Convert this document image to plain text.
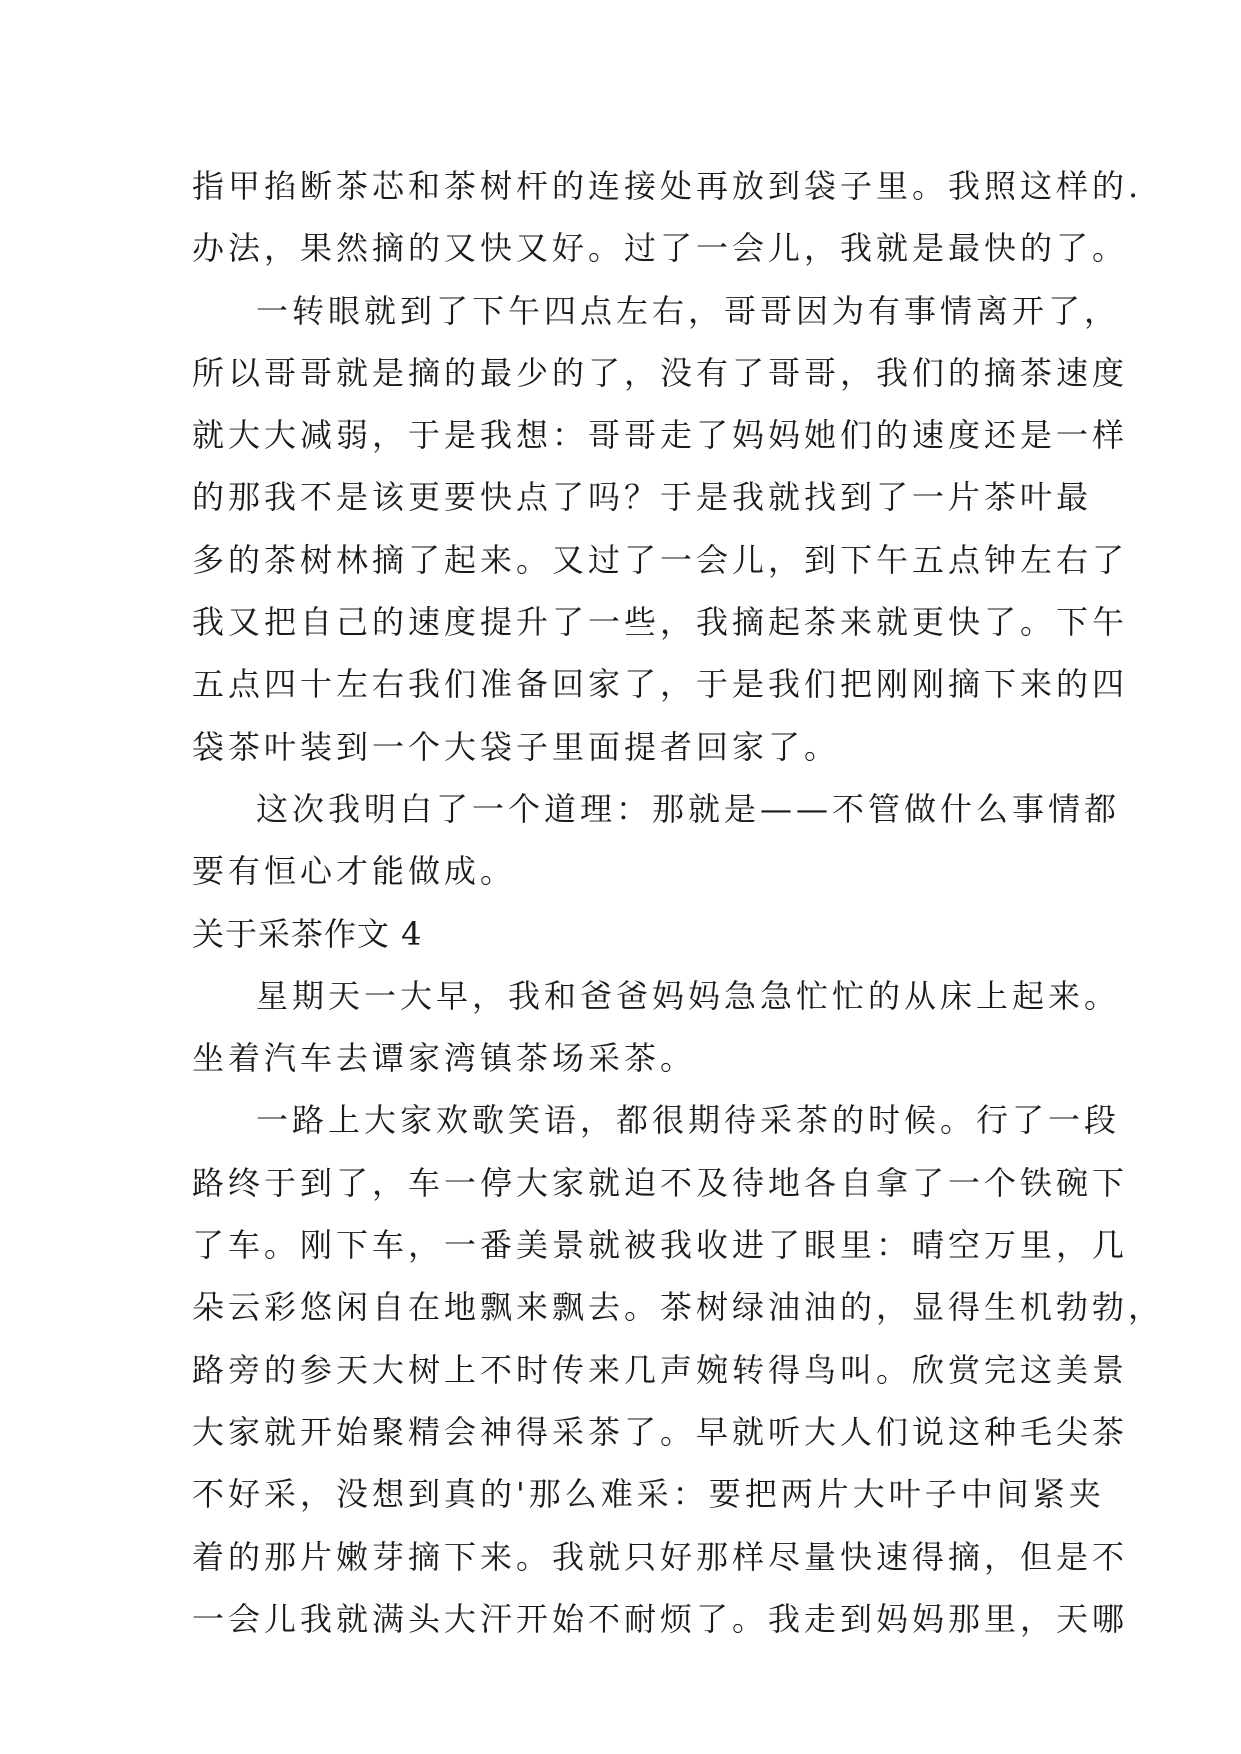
指甲掐断茶芯和茶树杆的连接处再放到袋子里。我照这样的.
办法，果然摘的又快又好。过了一会儿，我就是最快的了。
一转眼就到了下午四点左右，哥哥因为有事情离开了，
所以哥哥就是摘的最少的了，没有了哥哥，我们的摘茶速度
就大大减弱，于是我想：哥哥走了妈妈她们的速度还是一样
的那我不是该更要快点了吗？于是我就找到了一片茶叶最
多的茶树林摘了起来。又过了一会儿，到下午五点钟左右了
我又把自己的速度提升了一些，我摘起茶来就更快了。下午
五点四十左右我们准备回家了，于是我们把刚刚摘下来的四
袋茶叶装到一个大袋子里面提者回家了。
这次我明白了一个道理：那就是——不管做什么事情都
要有恒心才能做成。
关于采茶作文 4
星期天一大早，我和爸爸妈妈急急忙忙的从床上起来。
坐着汽车去谭家湾镇茶场采茶。
一路上大家欢歌笑语，都很期待采茶的时候。行了一段
路终于到了，车一停大家就迫不及待地各自拿了一个铁碗下
了车。刚下车，一番美景就被我收进了眼里：晴空万里，几
朵云彩悠闲自在地飘来飘去。茶树绿油油的，显得生机勃勃，
路旁的参天大树上不时传来几声婉转得鸟叫。欣赏完这美景
大家就开始聚精会神得采茶了。早就听大人们说这种毛尖茶
不好采，没想到真的'那么难采：要把两片大叶子中间紧夹
着的那片嫩芽摘下来。我就只好那样尽量快速得摘，但是不
一会儿我就满头大汗开始不耐烦了。我走到妈妈那里，天哪
